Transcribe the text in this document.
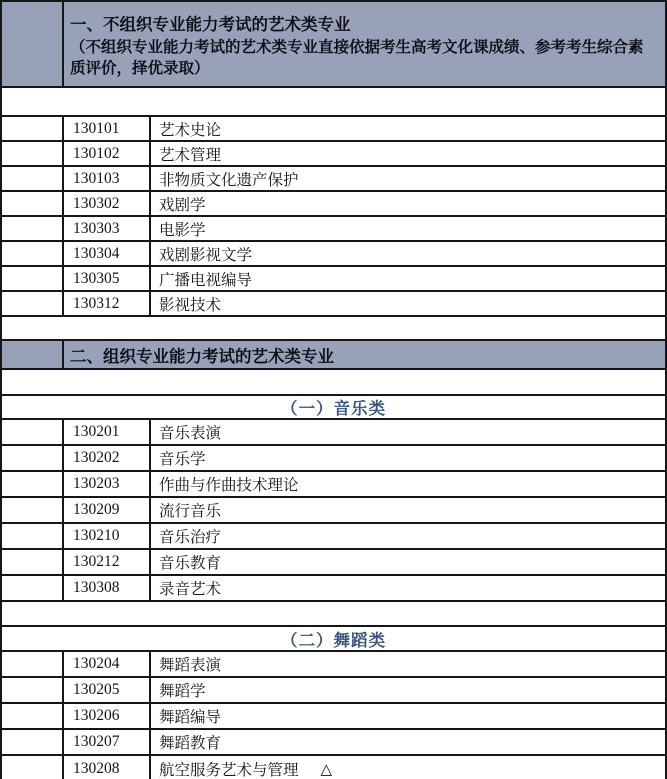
一、不组织专业能力考试的艺术类专业
（不组织专业能力考试的艺术类专业直接依据考生高考文化课成绩、参考考生综合素质评价，择优录取）
130101	艺术史论
130102	艺术管理
130103	非物质文化遗产保护
130302	戏剧学
130303	电影学
130304	戏剧影视文学
130305	广播电视编导
130312	影视技术
二、组织专业能力考试的艺术类专业
（一）音乐类
130201	音乐表演
130202	音乐学
130203	作曲与作曲技术理论
130209	流行音乐
130210	音乐治疗
130212	音乐教育
130308	录音艺术
（二）舞蹈类
130204	舞蹈表演
130205	舞蹈学
130206	舞蹈编导
130207	舞蹈教育
130208	航空服务艺术与管理 △
